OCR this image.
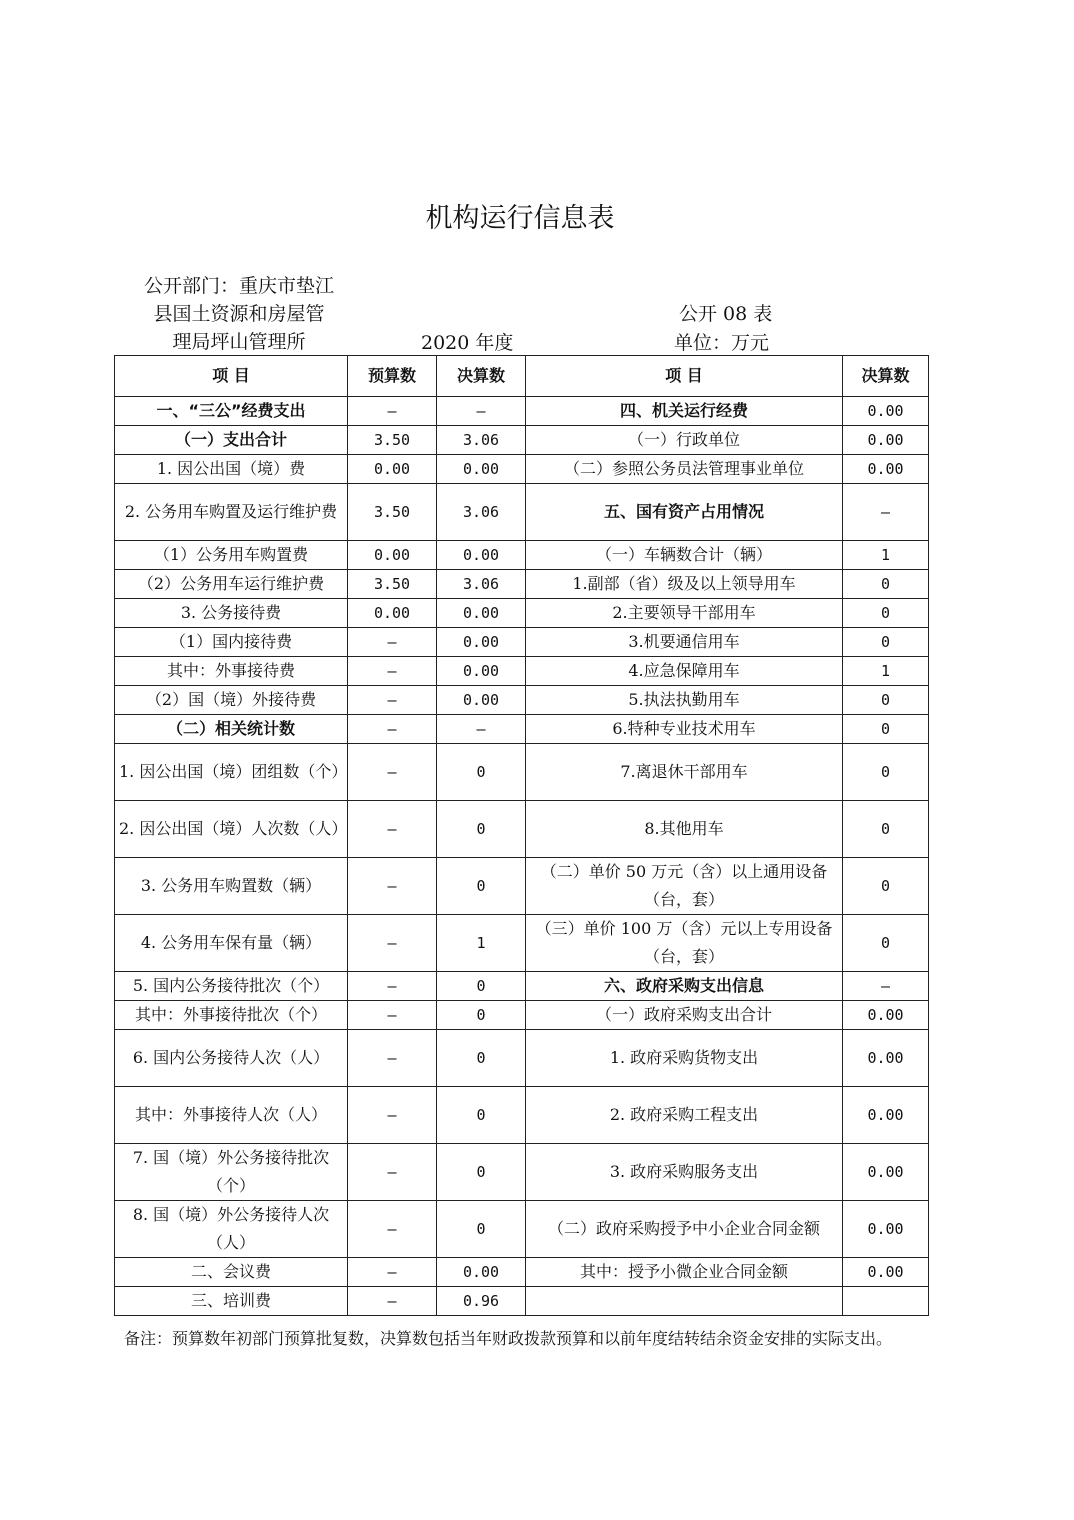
机构运行信息表
公开部门：重庆市垫江
县国土资源和房屋管
理局坪山管理所	2020 年度
公开 08 表
单位：万元
项 目	预算数	决算数	项 目	决算数
一、“三公”经费支出	—	—	四、机关运行经费	0.00
（一）支出合计	3.50	3.06	（一）行政单位	0.00
1. 因公出国（境）费	0.00	0.00	（二）参照公务员法管理事业单位	0.00
2. 公务用车购置及运行维护费	3.50	3.06	五、国有资产占用情况	—
（1）公务用车购置费	0.00	0.00	（一）车辆数合计（辆）	1
（2）公务用车运行维护费	3.50	3.06	1.副部（省）级及以上领导用车	0
3. 公务接待费	0.00	0.00	2.主要领导干部用车	0
（1）国内接待费	—	0.00	3.机要通信用车	0
其中：外事接待费	—	0.00	4.应急保障用车	1
（2）国（境）外接待费	—	0.00	5.执法执勤用车	0
（二）相关统计数	—	—	6.特种专业技术用车	0
1. 因公出国（境）团组数（个）	—	0	7.离退休干部用车	0
2. 因公出国（境）人次数（人）	—	0	8.其他用车	0
3. 公务用车购置数（辆）	—	0	（二）单价 50 万元（含）以上通用设备（台，套）	0
4. 公务用车保有量（辆）	—	1	（三）单价 100 万（含）元以上专用设备（台，套）	0
5. 国内公务接待批次（个）	—	0	六、政府采购支出信息	—
其中：外事接待批次（个）	—	0	（一）政府采购支出合计	0.00
6. 国内公务接待人次（人）	—	0	1. 政府采购货物支出	0.00
其中：外事接待人次（人）	—	0	2. 政府采购工程支出	0.00
7. 国（境）外公务接待批次（个）	—	0	3. 政府采购服务支出	0.00
8. 国（境）外公务接待人次（人）	—	0	（二）政府采购授予中小企业合同金额	0.00
二、会议费	—	0.00	其中：授予小微企业合同金额	0.00
三、培训费	—	0.96		
备注：预算数年初部门预算批复数，决算数包括当年财政拨款预算和以前年度结转结余资金安排的实际支出。
